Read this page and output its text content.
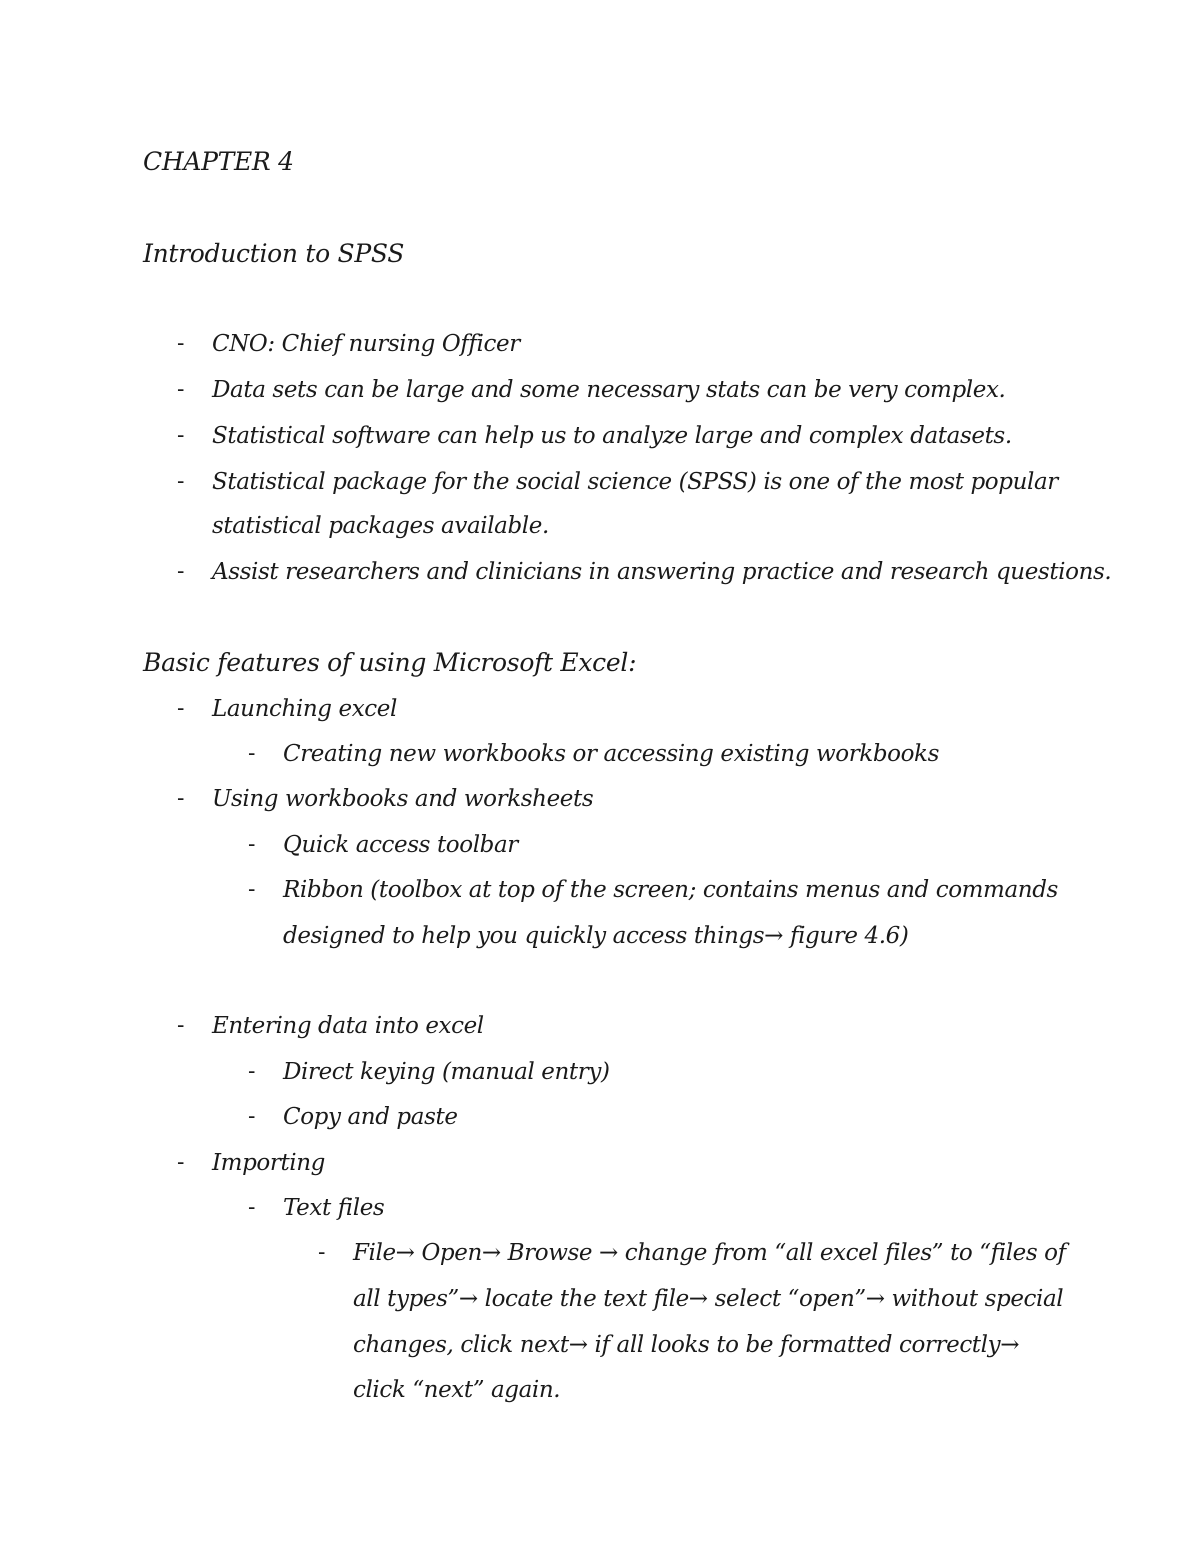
CHAPTER 4
Introduction to SPSS
- CNO: Chief nursing Officer
- Data sets can be large and some necessary stats can be very complex.
- Statistical software can help us to analyze large and complex datasets.
- Statistical package for the social science (SPSS) is one of the most popular
statistical packages available.
- Assist researchers and clinicians in answering practice and research questions.
Basic features of using Microsoft Excel:
- Launching excel
- Creating new workbooks or accessing existing workbooks
- Using workbooks and worksheets
- Quick access toolbar
- Ribbon (toolbox at top of the screen; contains menus and commands
designed to help you quickly access things→ figure 4.6)
- Entering data into excel
- Direct keying (manual entry)
- Copy and paste
- Importing
- Text files
- File→ Open→ Browse → change from “all excel files” to “files of
all types”→ locate the text file→ select “open”→ without special
changes, click next→ if all looks to be formatted correctly→
click “next” again.
